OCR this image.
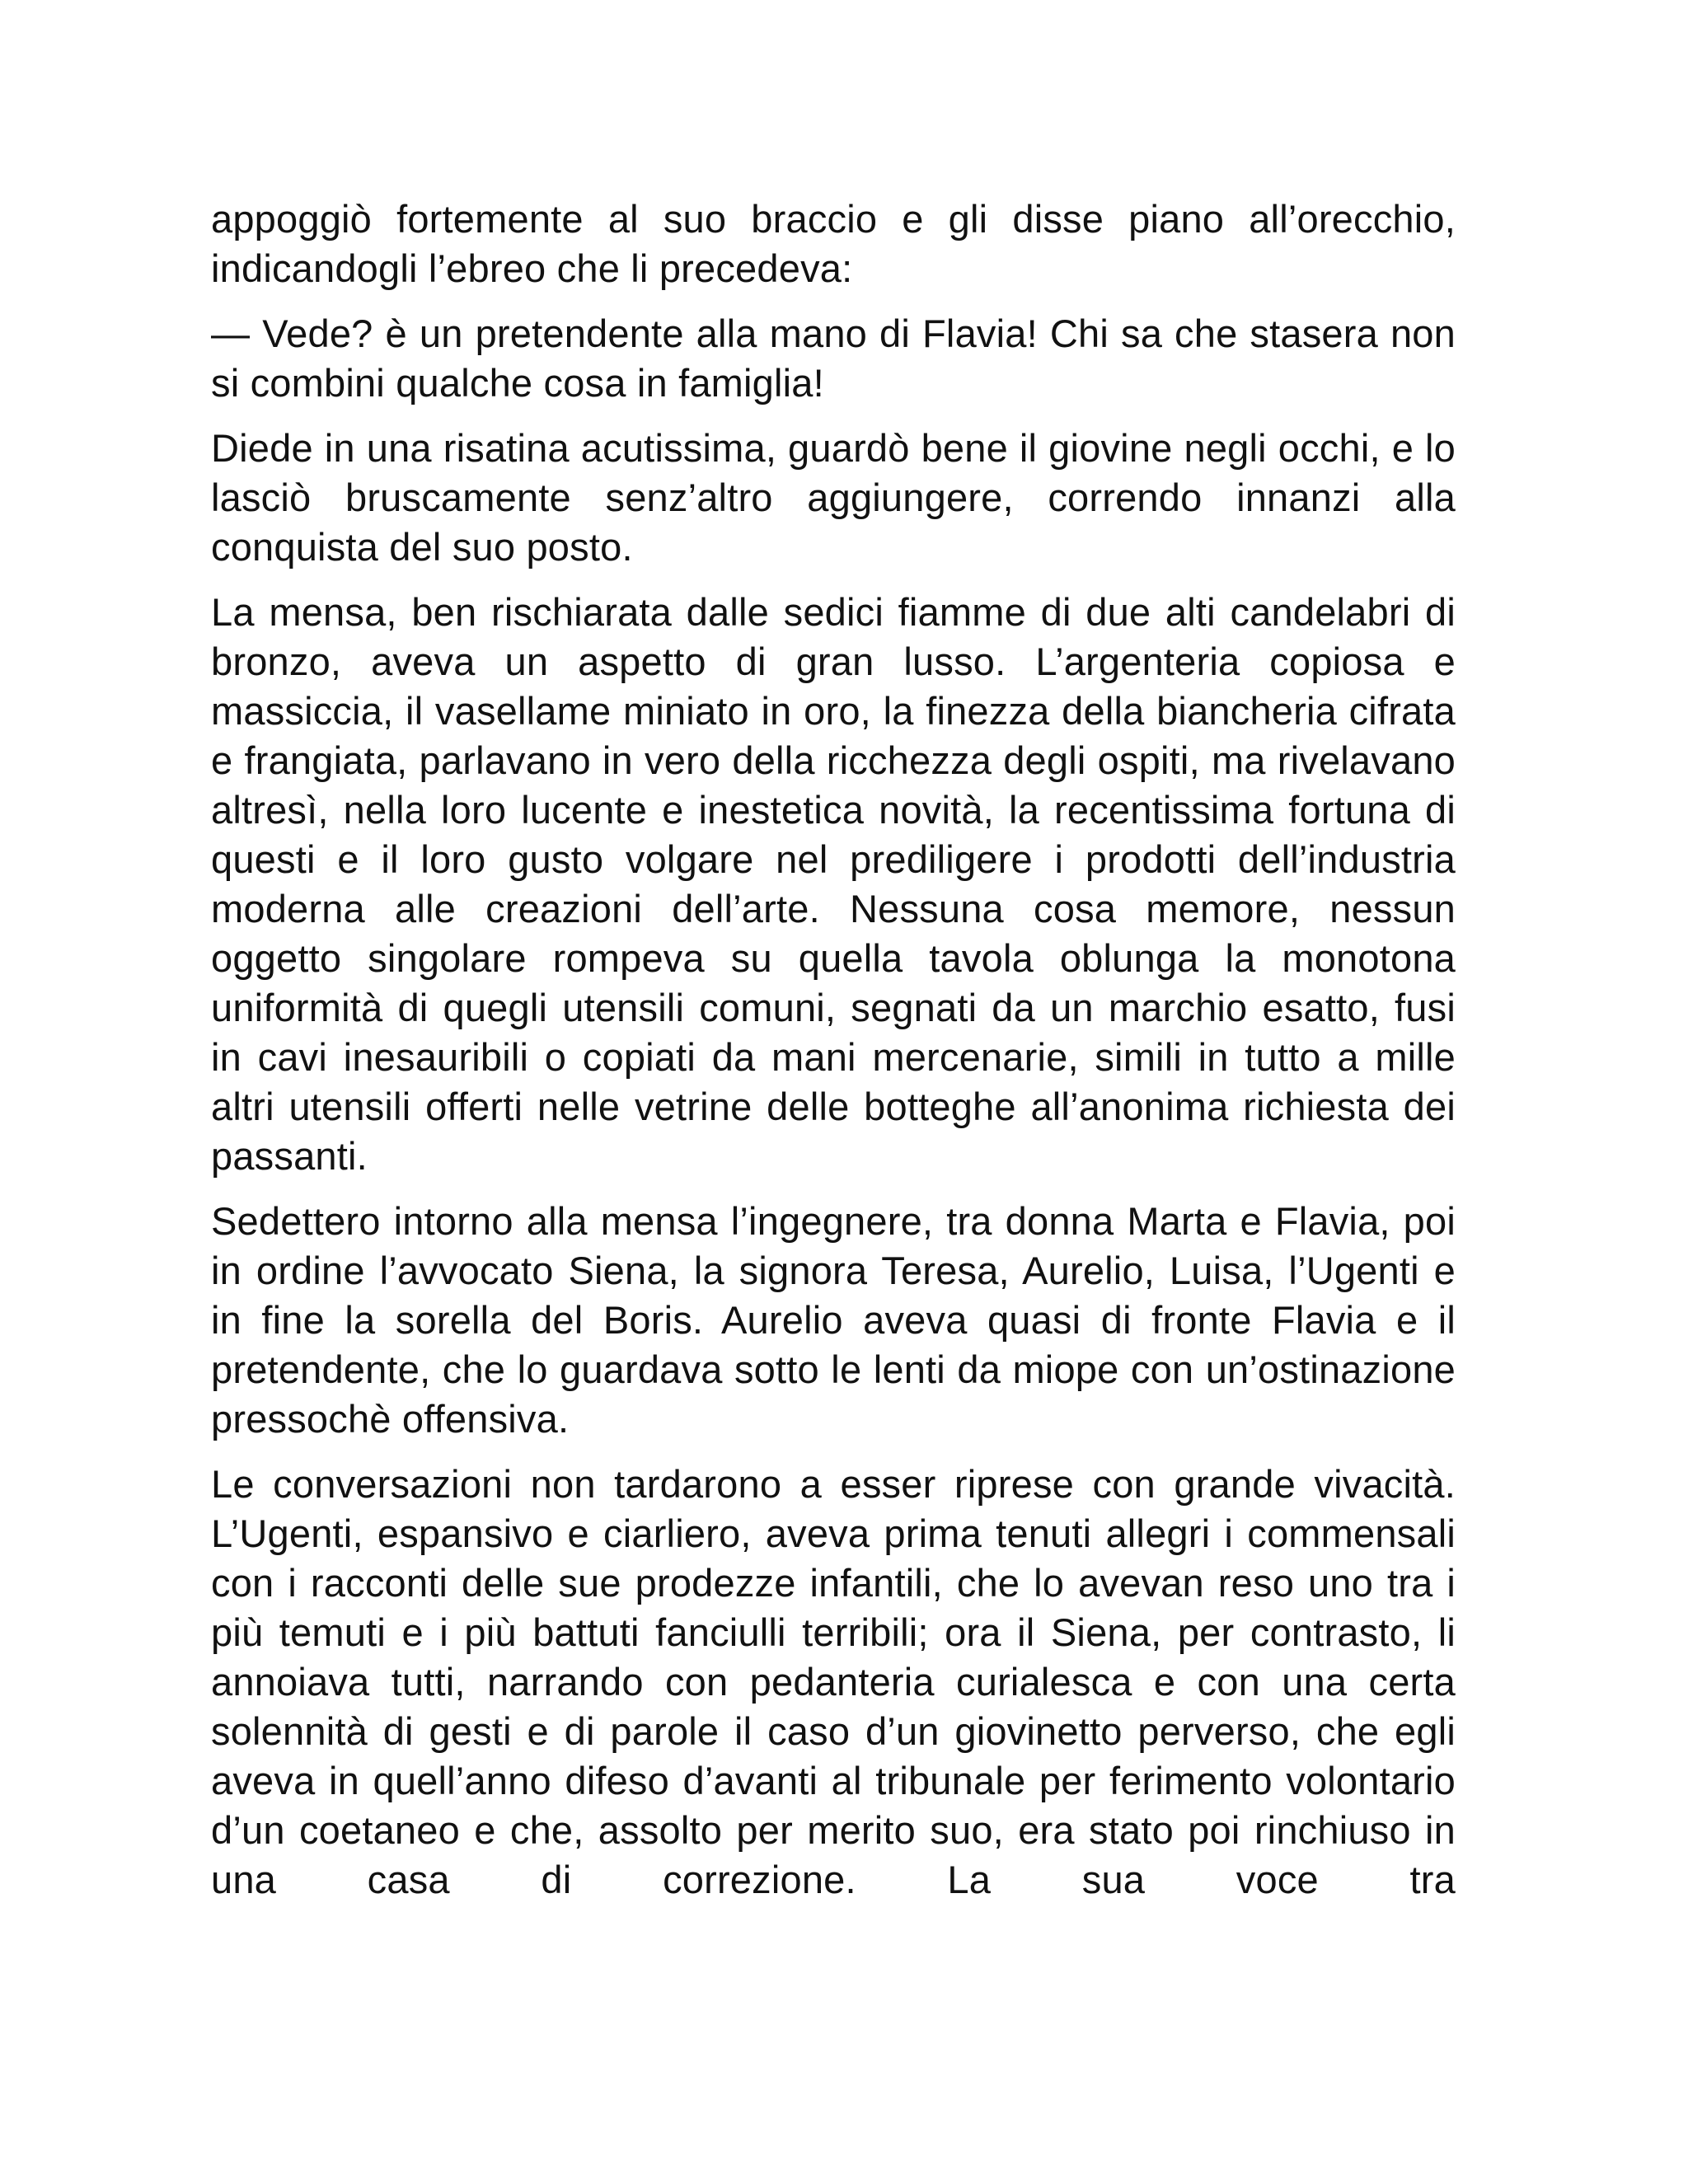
appoggiò fortemente al suo braccio e gli disse piano all’orecchio, indicandogli l’ebreo che li precedeva:

— Vede? è un pretendente alla mano di Flavia! Chi sa che stasera non si combini qualche cosa in famiglia!

Diede in una risatina acutissima, guardò bene il giovine negli occhi, e lo lasciò bruscamente senz’altro aggiungere, correndo innanzi alla conquista del suo posto.

La mensa, ben rischiarata dalle sedici fiamme di due alti candelabri di bronzo, aveva un aspetto di gran lusso. L’argenteria copiosa e massiccia, il vasellame miniato in oro, la finezza della biancheria cifrata e frangiata, parlavano in vero della ricchezza degli ospiti, ma rivelavano altresì, nella loro lucente e inestetica novità, la recentissima fortuna di questi e il loro gusto volgare nel prediligere i prodotti dell’industria moderna alle creazioni dell’arte. Nessuna cosa memore, nessun oggetto singolare rompeva su quella tavola oblunga la monotona uniformità di quegli utensili comuni, segnati da un marchio esatto, fusi in cavi inesauribili o copiati da mani mercenarie, simili in tutto a mille altri utensili offerti nelle vetrine delle botteghe all’anonima richiesta dei passanti.

Sedettero intorno alla mensa l’ingegnere, tra donna Marta e Flavia, poi in ordine l’avvocato Siena, la signora Teresa, Aurelio, Luisa, l’Ugenti e in fine la sorella del Boris. Aurelio aveva quasi di fronte Flavia e il pretendente, che lo guardava sotto le lenti da miope con un’ostinazione pressochè offensiva.

Le conversazioni non tardarono a esser riprese con grande vivacità. L’Ugenti, espansivo e ciarliero, aveva prima tenuti allegri i commensali con i racconti delle sue prodezze infantili, che lo avevan reso uno tra i più temuti e i più battuti fanciulli terribili; ora il Siena, per contrasto, li annoiava tutti, narrando con pedanteria curialesca e con una certa solennità di gesti e di parole il caso d’un giovinetto perverso, che egli aveva in quell’anno difeso d’avanti al tribunale per ferimento volontario d’un coetaneo e che, assolto per merito suo, era stato poi rinchiuso in una casa di correzione. La sua voce tra
